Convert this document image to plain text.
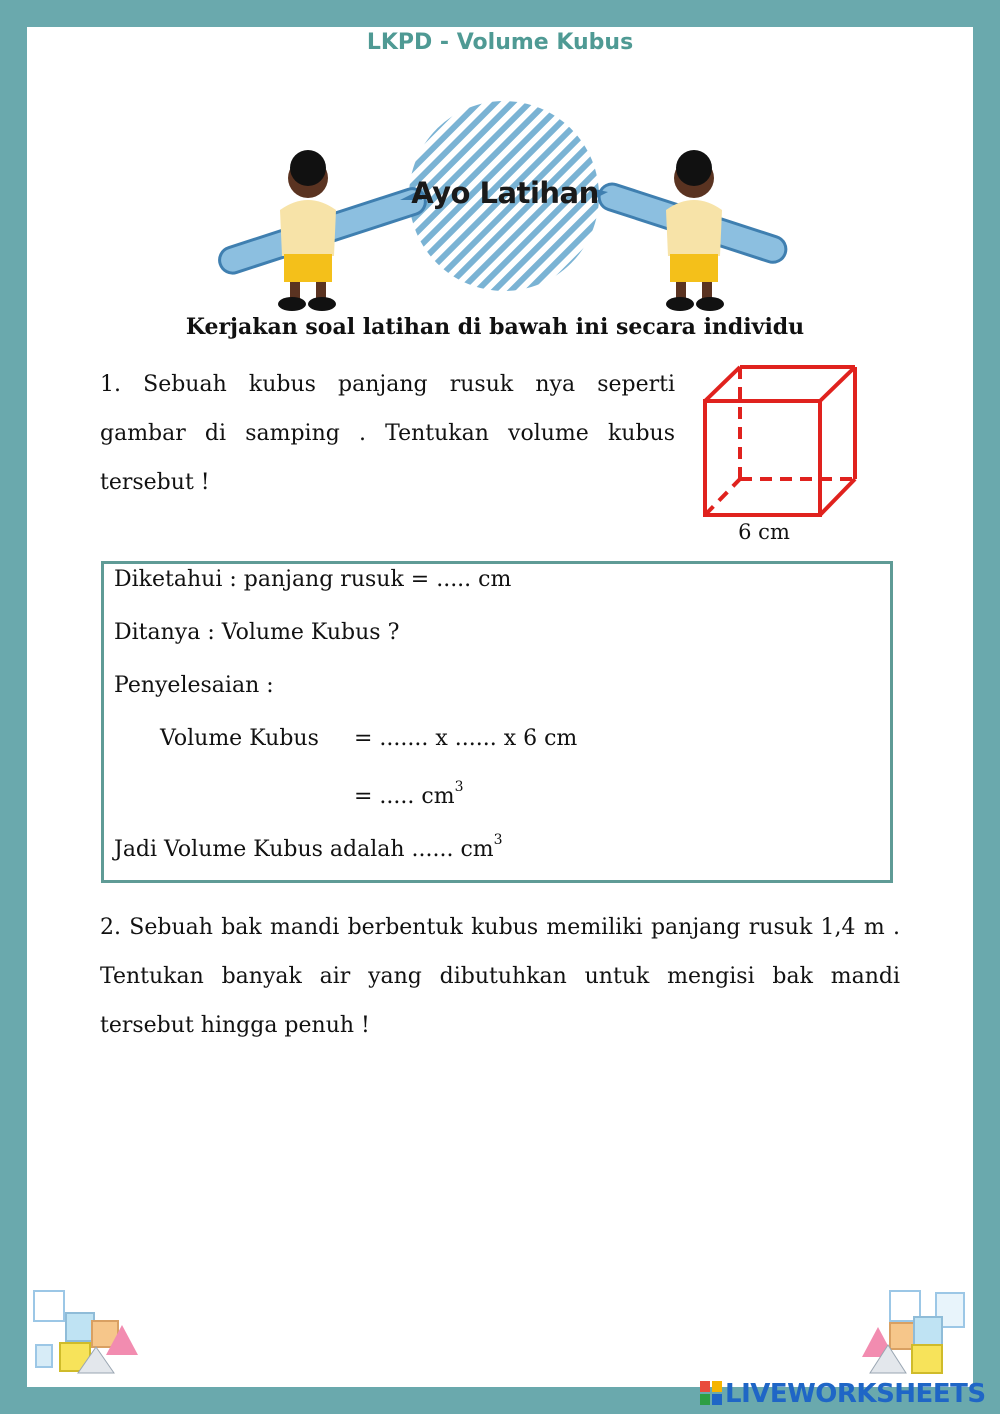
LKPD - Volume Kubus
Ayo Latihan
Kerjakan soal latihan di bawah ini secara individu
1. Sebuah kubus panjang rusuk nya seperti gambar di samping . Tentukan volume kubus tersebut !
6 cm
Diketahui : panjang rusuk = ..... cm
Ditanya : Volume Kubus ?
Penyelesaian :
Volume Kubus = ....... x ...... x 6 cm
= ..... $cm^3$
Jadi Volume Kubus adalah ...... $cm^3$
2. Sebuah bak mandi berbentuk kubus memiliki panjang rusuk 1,4 m . Tentukan banyak air yang dibutuhkan untuk mengisi bak mandi tersebut hingga penuh !
LIVEWORKSHEETS
